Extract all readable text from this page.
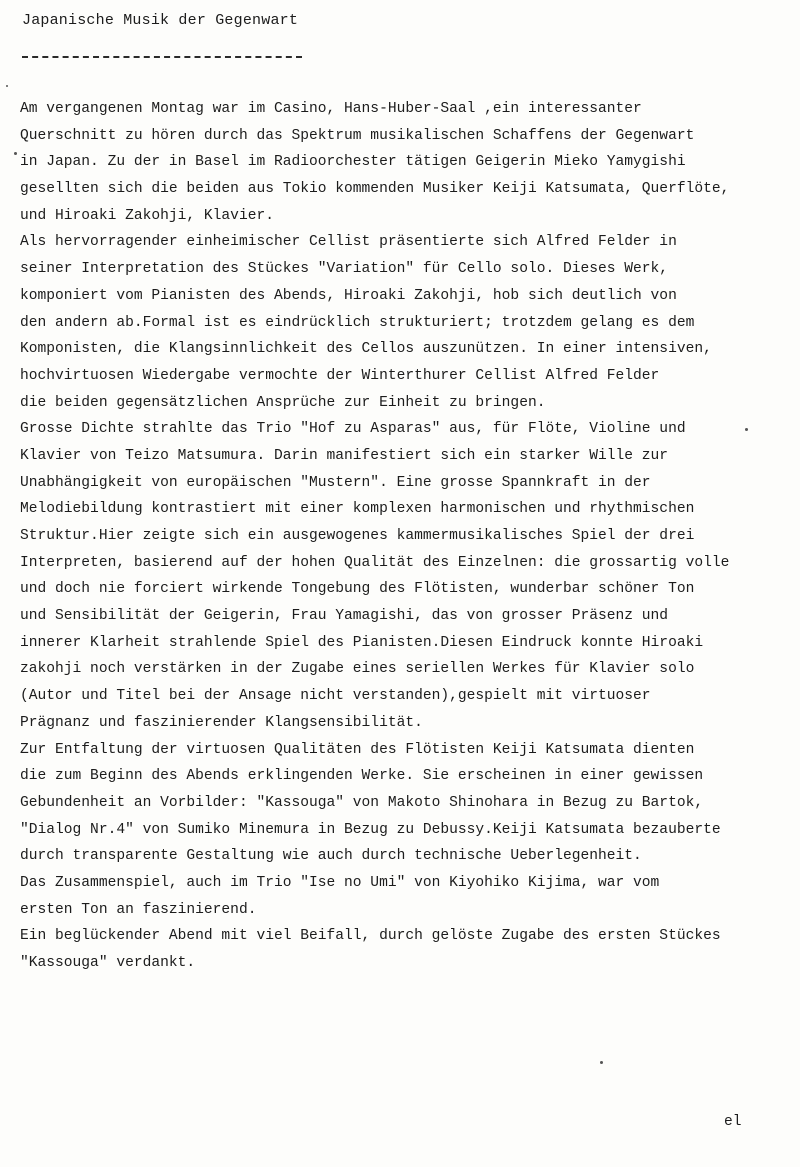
Japanische Musik der Gegenwart
Am vergangenen Montag war im Casino, Hans-Huber-Saal ,ein interessanter
Querschnitt zu hören durch das Spektrum musikalischen Schaffens der Gegenwart
in Japan. Zu der in Basel im Radioorchester tätigen Geigerin Mieko Yamygishi
gesellten sich die beiden aus Tokio kommenden Musiker Keiji Katsumata, Querflöte,
und Hiroaki Zakohji, Klavier.
Als hervorragender einheimischer Cellist präsentierte sich Alfred Felder in
seiner Interpretation des Stückes "Variation" für Cello solo. Dieses Werk,
komponiert vom Pianisten des Abends, Hiroaki Zakohji, hob sich deutlich von
den andern ab.Formal ist es eindrücklich strukturiert; trotzdem gelang es dem
Komponisten, die Klangsinnlichkeit des Cellos auszunützen. In einer intensiven,
hochvirtuosen Wiedergabe vermochte der Winterthurer Cellist Alfred Felder
die beiden gegensätzlichen Ansprüche zur Einheit zu bringen.
Grosse Dichte strahlte das Trio "Hof zu Asparas" aus, für Flöte, Violine und
Klavier von Teizo Matsumura. Darin manifestiert sich ein starker Wille zur
Unabhängigkeit von europäischen "Mustern". Eine grosse Spannkraft in der
Melodiebildung kontrastiert mit einer komplexen harmonischen und rhythmischen
Struktur.Hier zeigte sich ein ausgewogenes kammermusikalisches Spiel der drei
Interpreten, basierend auf der hohen Qualität des Einzelnen: die grossartig volle
und doch nie forciert wirkende Tongebung des Flötisten, wunderbar schöner Ton
und Sensibilität der Geigerin, Frau Yamagishi, das von grosser Präsenz und
innerer Klarheit strahlende Spiel des Pianisten.Diesen Eindruck konnte Hiroaki
zakohji noch verstärken in der Zugabe eines seriellen Werkes für Klavier solo
(Autor und Titel bei der Ansage nicht verstanden),gespielt mit virtuoser
Prägnanz und faszinierender Klangsensibilität.
Zur Entfaltung der virtuosen Qualitäten des Flötisten Keiji Katsumata dienten
die zum Beginn des Abends erklingenden Werke. Sie erscheinen in einer gewissen
Gebundenheit an Vorbilder: "Kassouga" von Makoto Shinohara in Bezug zu Bartok,
"Dialog Nr.4" von Sumiko Minemura in Bezug zu Debussy.Keiji Katsumata bezauberte
durch transparente Gestaltung wie auch durch technische Ueberlegenheit.
Das Zusammenspiel, auch im Trio "Ise no Umi" von Kiyohiko Kijima, war vom
ersten Ton an faszinierend.
Ein beglückender Abend mit viel Beifall, durch gelöste Zugabe des ersten Stückes
"Kassouga" verdankt.
el
